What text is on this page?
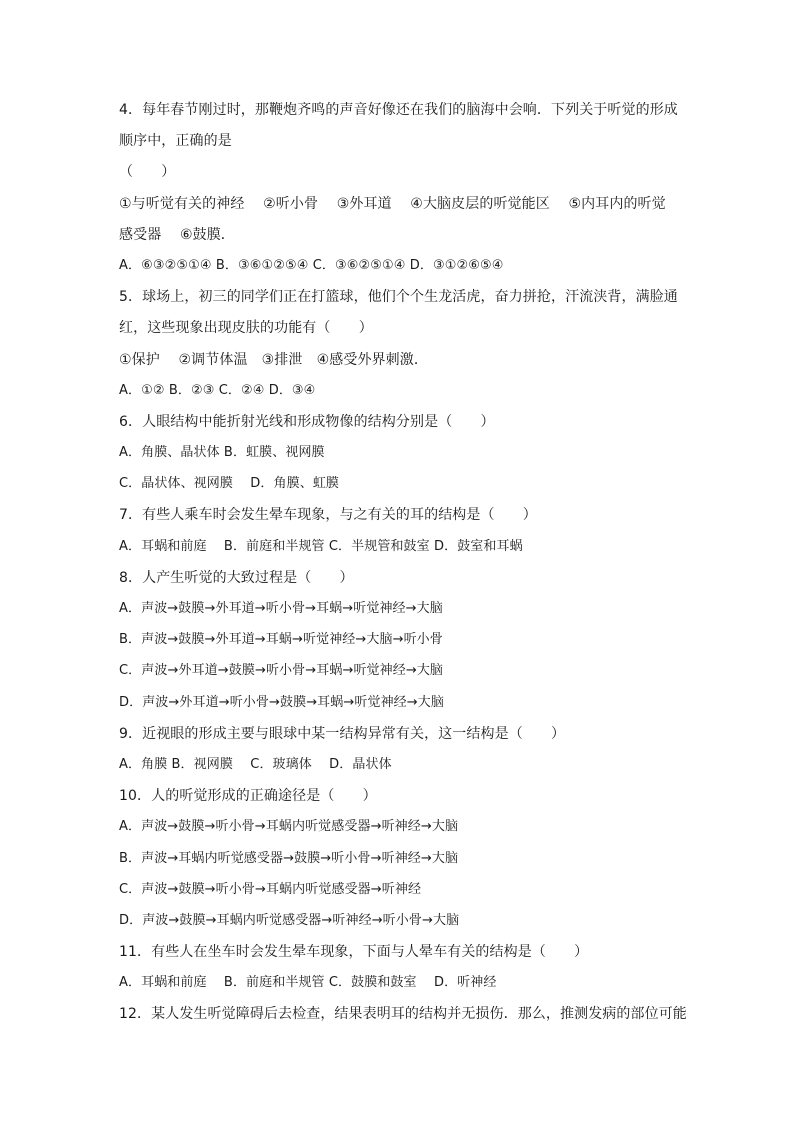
4．每年春节刚过时，那鞭炮齐鸣的声音好像还在我们的脑海中会响．下列关于听觉的形成
顺序中，正确的是
（　　）
①与听觉有关的神经　 ②听小骨　 ③外耳道　 ④大脑皮层的听觉能区　 ⑤内耳内的听觉
感受器　 ⑥鼓膜．
A．⑥③②⑤①④ B．③⑥①②⑤④ C．③⑥②⑤①④ D．③①②⑥⑤④
5．球场上，初三的同学们正在打篮球，他们个个生龙活虎，奋力拼抢，汗流浃背，满脸通
红，这些现象出现皮肤的功能有（　　）
①保护　 ②调节体温　③排泄　④感受外界刺激．
A．①② B．②③ C．②④ D．③④
6．人眼结构中能折射光线和形成物像的结构分别是（　　）
A．角膜、晶状体 B．虹膜、视网膜
C．晶状体、视网膜　 D．角膜、虹膜
7．有些人乘车时会发生晕车现象，与之有关的耳的结构是（　　）
A．耳蜗和前庭　 B．前庭和半规管 C．半规管和鼓室 D．鼓室和耳蜗
8．人产生听觉的大致过程是（　　）
A．声波→鼓膜→外耳道→听小骨→耳蜗→听觉神经→大脑
B．声波→鼓膜→外耳道→耳蜗→听觉神经→大脑→听小骨
C．声波→外耳道→鼓膜→听小骨→耳蜗→听觉神经→大脑
D．声波→外耳道→听小骨→鼓膜→耳蜗→听觉神经→大脑
9．近视眼的形成主要与眼球中某一结构异常有关，这一结构是（　　）
A．角膜 B．视网膜　 C．玻璃体　 D．晶状体
10．人的听觉形成的正确途径是（　　）
A．声波→鼓膜→听小骨→耳蜗内听觉感受器→听神经→大脑
B．声波→耳蜗内听觉感受器→鼓膜→听小骨→听神经→大脑
C．声波→鼓膜→听小骨→耳蜗内听觉感受器→听神经
D．声波→鼓膜→耳蜗内听觉感受器→听神经→听小骨→大脑
11．有些人在坐车时会发生晕车现象，下面与人晕车有关的结构是（　　）
A．耳蜗和前庭　 B．前庭和半规管 C．鼓膜和鼓室　 D．听神经
12．某人发生听觉障碍后去检查，结果表明耳的结构并无损伤．那么，推测发病的部位可能
